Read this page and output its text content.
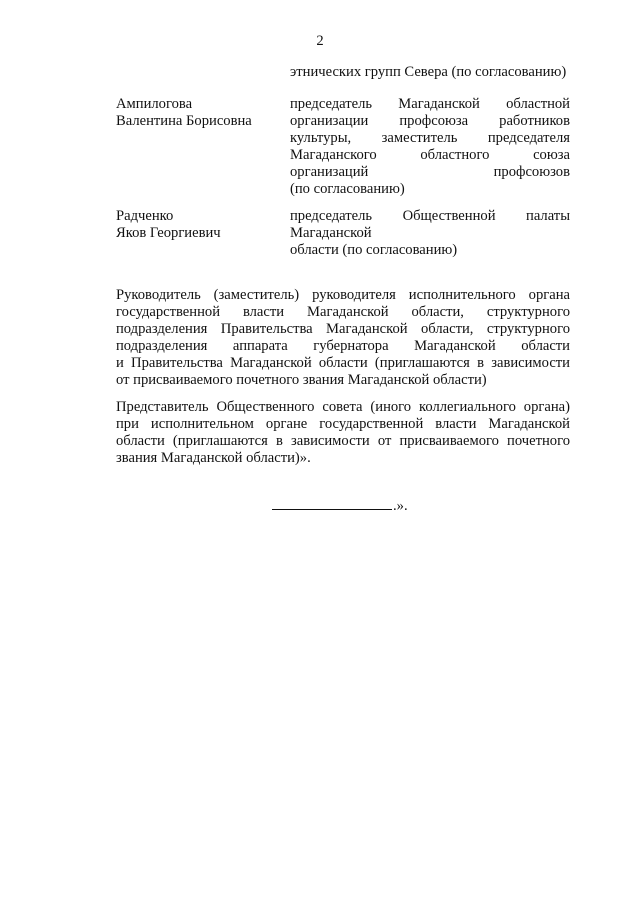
2
этнических групп Севера (по согласованию)
Ампилогова
Валентина Борисовна
председатель Магаданской областной
организации профсоюза работников
культуры, заместитель председателя
Магаданского областного союза
организаций профсоюзов
(по согласованию)
Радченко
Яков Георгиевич
председатель Общественной палаты
Магаданской
области (по согласованию)
Руководитель (заместитель) руководителя исполнительного органа
государственной власти Магаданской области, структурного
подразделения Правительства Магаданской области, структурного
подразделения аппарата губернатора Магаданской области
и Правительства Магаданской области (приглашаются в зависимости
от присваиваемого почетного звания Магаданской области)
Представитель Общественного совета (иного коллегиального органа)
при исполнительном органе государственной власти Магаданской
области (приглашаются в зависимости от присваиваемого почетного
звания Магаданской области)».
.».
